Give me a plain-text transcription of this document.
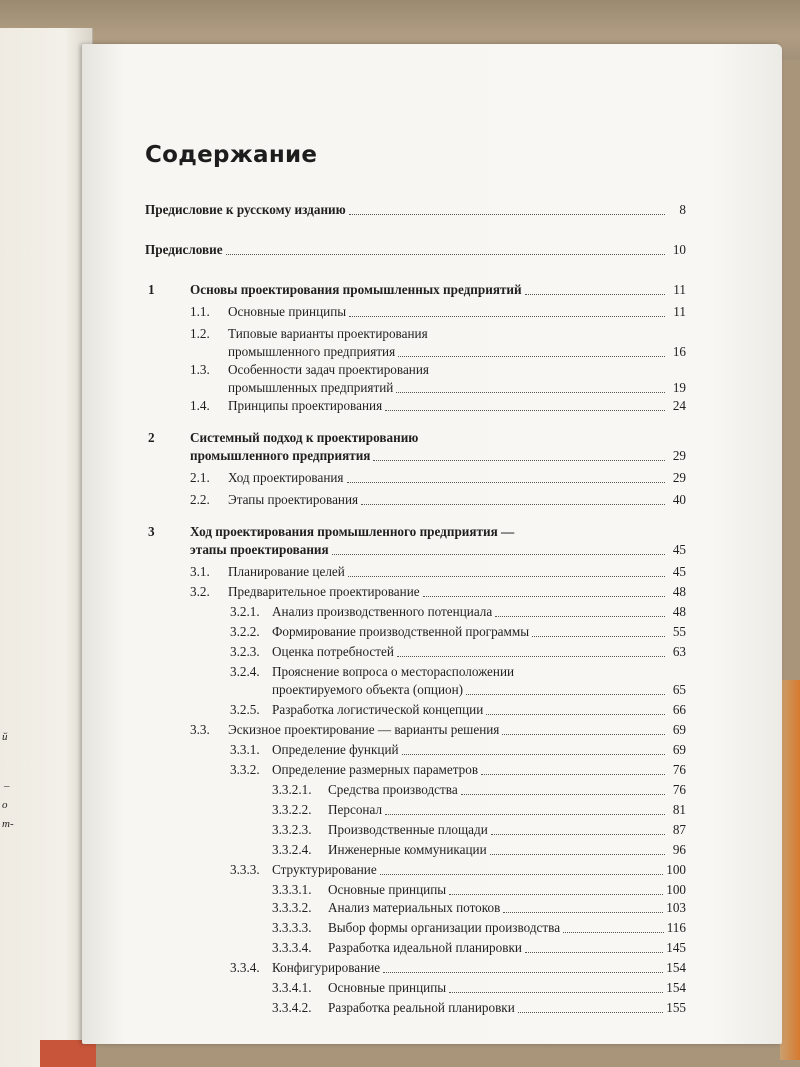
й
–
о
т-
Содержание
Предисловие к русскому изданию	8
Предисловие	10
1	Основы проектирования промышленных предприятий	11
1.1. Основные принципы	11
1.2. Типовые варианты проектирования
промышленного предприятия	16
1.3. Особенности задач проектирования
промышленных предприятий	19
1.4. Принципы проектирования	24
2	Системный подход к проектированию
промышленного предприятия	29
2.1. Ход проектирования	29
2.2. Этапы проектирования	40
3	Ход проектирования промышленного предприятия —
этапы проектирования	45
3.1. Планирование целей	45
3.2. Предварительное проектирование	48
3.2.1. Анализ производственного потенциала	48
3.2.2. Формирование производственной программы	55
3.2.3. Оценка потребностей	63
3.2.4. Прояснение вопроса о месторасположении
проектируемого объекта (опцион)	65
3.2.5. Разработка логистической концепции	66
3.3. Эскизное проектирование — варианты решения	69
3.3.1. Определение функций	69
3.3.2. Определение размерных параметров	76
3.3.2.1. Средства производства	76
3.3.2.2. Персонал	81
3.3.2.3. Производственные площади	87
3.3.2.4. Инженерные коммуникации	96
3.3.3. Структурирование	100
3.3.3.1. Основные принципы	100
3.3.3.2. Анализ материальных потоков	103
3.3.3.3. Выбор формы организации производства	116
3.3.3.4. Разработка идеальной планировки	145
3.3.4. Конфигурирование	154
3.3.4.1. Основные принципы	154
3.3.4.2. Разработка реальной планировки	155
